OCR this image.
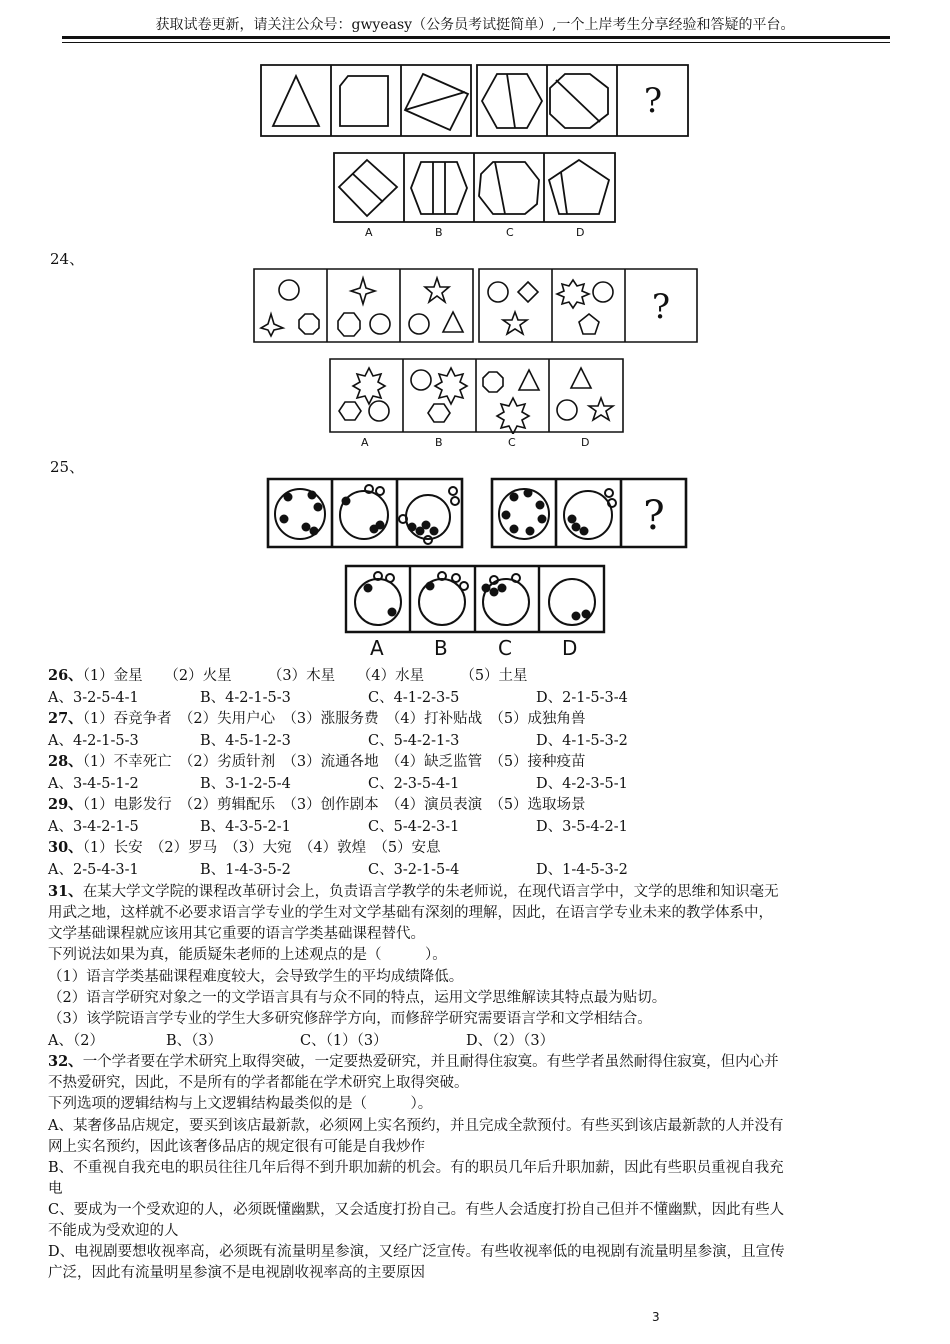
获取试卷更新，请关注公众号：gwyeasy（公务员考试挺简单）,一个上岸考生分享经验和答疑的平台。
?
A	B	C	D
24、
?
A	B	C	D
25、
?
A	B	C	D
26、（1）金星　　（2）火星　　　（3）木星　　（4）水星　　　（5）土星
A、3-2-5-4-1	B、4-2-1-5-3	C、4-1-2-3-5	D、2-1-5-3-4
27、（1）吞竞争者　（2）失用户心　（3）涨服务费　（4）打补贴战　（5）成独角兽
A、4-2-1-5-3	B、4-5-1-2-3	C、5-4-2-1-3	D、4-1-5-3-2
28、（1）不幸死亡　（2）劣质针剂　（3）流通各地　（4）缺乏监管　（5）接种疫苗
A、3-4-5-1-2	B、3-1-2-5-4	C、2-3-5-4-1	D、4-2-3-5-1
29、（1）电影发行　（2）剪辑配乐　（3）创作剧本　（4）演员表演　（5）选取场景
A、3-4-2-1-5	B、4-3-5-2-1	C、5-4-2-3-1	D、3-5-4-2-1
30、（1）长安　（2）罗马　（3）大宛　（4）敦煌　（5）安息
A、2-5-4-3-1	B、1-4-3-5-2	C、3-2-1-5-4	D、1-4-5-3-2
31、在某大学文学院的课程改革研讨会上，负责语言学教学的朱老师说，在现代语言学中，文学的思维和知识毫无
用武之地，这样就不必要求语言学专业的学生对文学基础有深刻的理解，因此，在语言学专业未来的教学体系中，
文学基础课程就应该用其它重要的语言学类基础课程替代。
下列说法如果为真，能质疑朱老师的上述观点的是（　　　）。
（1）语言学类基础课程难度较大，会导致学生的平均成绩降低。
（2）语言学研究对象之一的文学语言具有与众不同的特点，运用文学思维解读其特点最为贴切。
（3）该学院语言学专业的学生大多研究修辞学方向，而修辞学研究需要语言学和文学相结合。
A、（2）	B、（3）	C、（1）（3）	D、（2）（3）
32、一个学者要在学术研究上取得突破，一定要热爱研究，并且耐得住寂寞。有些学者虽然耐得住寂寞，但内心并
不热爱研究，因此，不是所有的学者都能在学术研究上取得突破。
下列选项的逻辑结构与上文逻辑结构最类似的是（　　　）。
A、某奢侈品店规定，要买到该店最新款，必须网上实名预约，并且完成全款预付。有些买到该店最新款的人并没有
网上实名预约，因此该奢侈品店的规定很有可能是自我炒作
B、不重视自我充电的职员往往几年后得不到升职加薪的机会。有的职员几年后升职加薪，因此有些职员重视自我充
电
C、要成为一个受欢迎的人，必须既懂幽默，又会适度打扮自己。有些人会适度打扮自己但并不懂幽默，因此有些人
不能成为受欢迎的人
D、电视剧要想收视率高，必须既有流量明星参演，又经广泛宣传。有些收视率低的电视剧有流量明星参演，且宣传
广泛，因此有流量明星参演不是电视剧收视率高的主要原因
3
